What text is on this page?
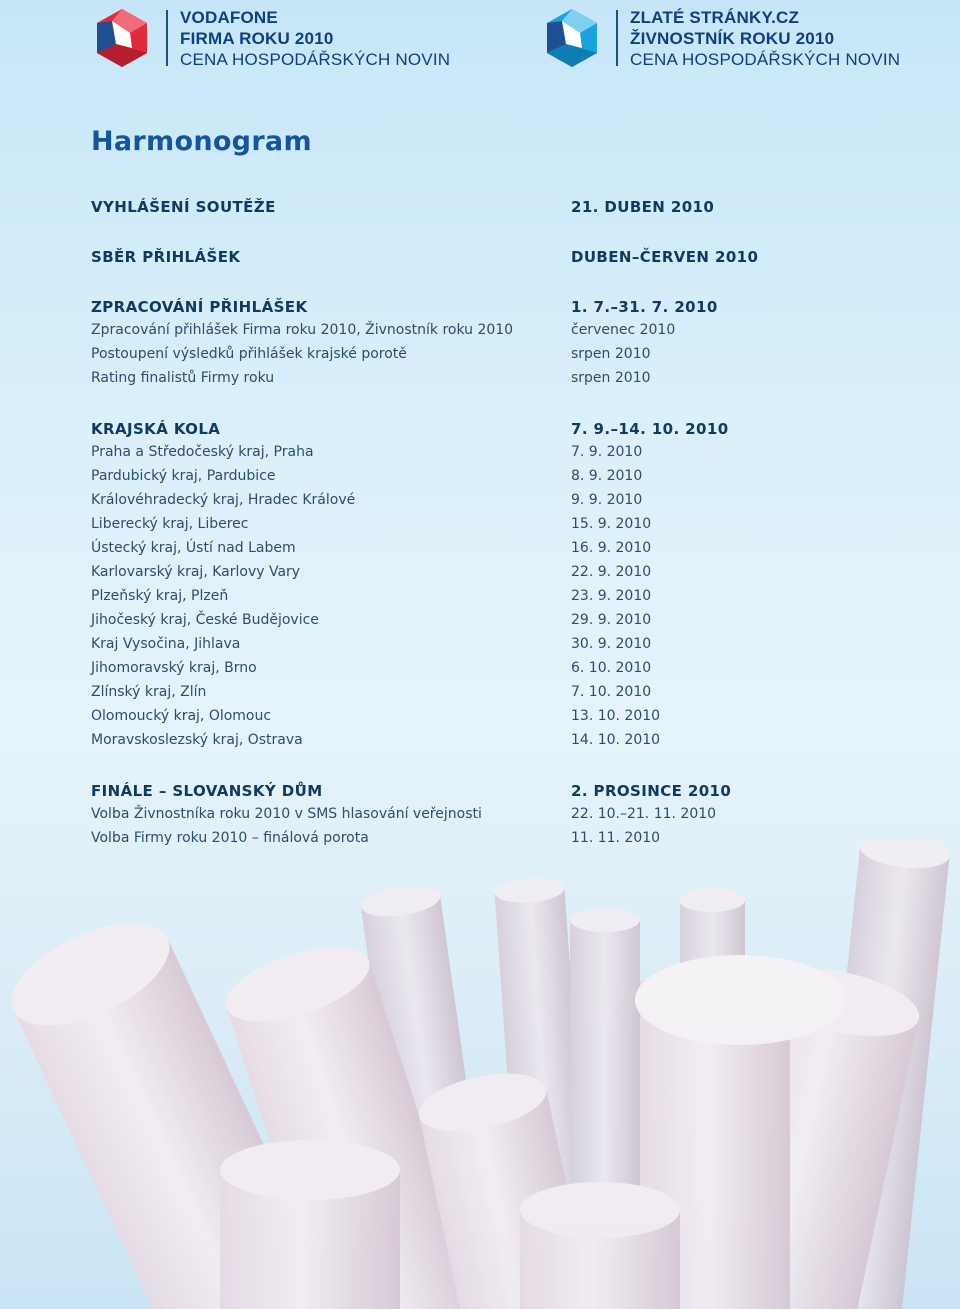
VODAFONE
FIRMA ROKU 2010
CENA HOSPODÁŘSKÝCH NOVIN
ZLATÉ STRÁNKY.CZ
ŽIVNOSTNÍK ROKU 2010
CENA HOSPODÁŘSKÝCH NOVIN
Harmonogram
VYHLÁŠENÍ SOUTĚŽE	21. DUBEN 2010
SBĚR PŘIHLÁŠEK	DUBEN–ČERVEN 2010
ZPRACOVÁNÍ PŘIHLÁŠEK	1. 7.–31. 7. 2010
Zpracování přihlášek Firma roku 2010, Živnostník roku 2010	červenec 2010
Postoupení výsledků přihlášek krajské porotě	srpen 2010
Rating finalistů Firmy roku	srpen 2010
KRAJSKÁ KOLA	7. 9.–14. 10. 2010
Praha a Středočeský kraj, Praha	7. 9. 2010
Pardubický kraj, Pardubice	8. 9. 2010
Královéhradecký kraj, Hradec Králové	9. 9. 2010
Liberecký kraj, Liberec	15. 9. 2010
Ústecký kraj, Ústí nad Labem	16. 9. 2010
Karlovarský kraj, Karlovy Vary	22. 9. 2010
Plzeňský kraj, Plzeň	23. 9. 2010
Jihočeský kraj, České Budějovice	29. 9. 2010
Kraj Vysočina, Jihlava	30. 9. 2010
Jihomoravský kraj, Brno	6. 10. 2010
Zlínský kraj, Zlín	7. 10. 2010
Olomoucký kraj, Olomouc	13. 10. 2010
Moravskoslezský kraj, Ostrava	14. 10. 2010
FINÁLE – SLOVANSKÝ DŮM	2. PROSINCE 2010
Volba Živnostníka roku 2010 v SMS hlasování veřejnosti	22. 10.–21. 11. 2010
Volba Firmy roku 2010 – finálová porota	11. 11. 2010
